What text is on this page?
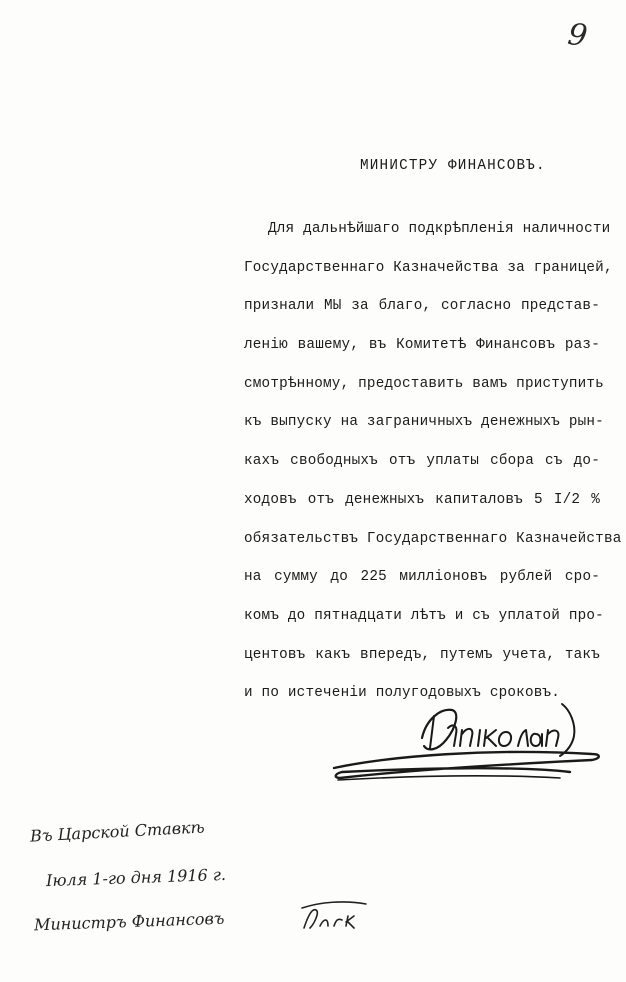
9
МИНИСТРУ ФИНАНСОВЪ.
Для дальнѣйшаго подкрѣпленія наличности
Государственнаго Казначейства за границей,
признали МЫ за благо, согласно представ-
ленію вашему, въ Комитетѣ Финансовъ раз-
смотрѣнному, предоставить вамъ приступить
къ выпуску на заграничныхъ денежныхъ рын-
кахъ свободныхъ отъ уплаты сбора съ до-
ходовъ отъ денежныхъ капиталовъ 5 I/2 %
обязательствъ Государственнаго Казначейства
на сумму до 225 милліоновъ рублей сро-
комъ до пятнадцати лѣтъ и съ уплатой про-
центовъ какъ впередъ, путемъ учета, такъ
и по истеченіи полугодовыхъ сроковъ.
Въ Царской Ставкѣ
Іюля 1-го дня 1916 г.
Министръ Финансовъ
